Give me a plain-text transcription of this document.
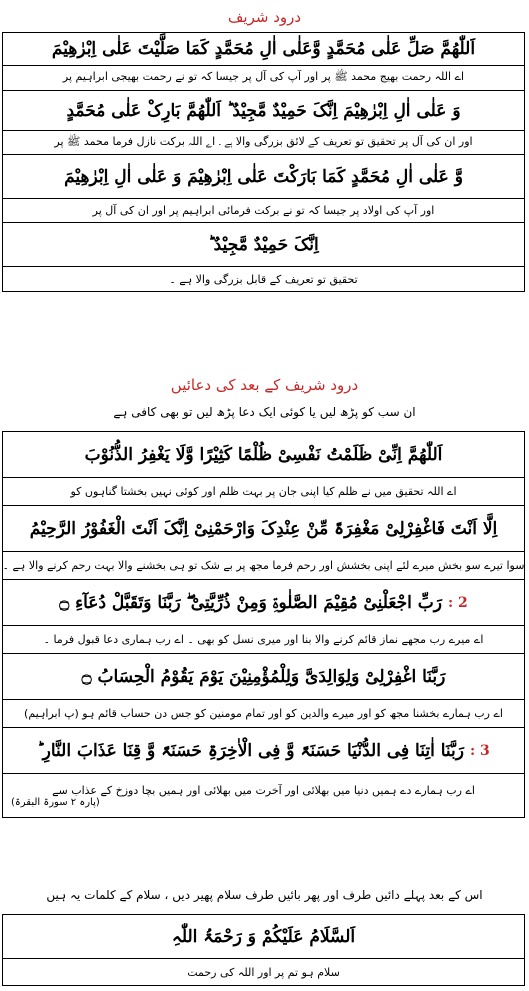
درود شریف
اَللّٰھُمَّ صَلِّ عَلٰی مُحَمَّدٍ وَّعَلٰی اٰلِ مُحَمَّدٍ کَمَا صَلَّیْتَ عَلٰی اِبْرٰھِیْمَ
اے اللہ رحمت بھیج محمد ﷺ پر اور آپ کی آل پر جیسا کہ تو نے رحمت بھیجی ابراہیم پر
وَ عَلٰی اٰلِ اِبْرٰھِیْمَ اِنَّکَ حَمِیْدٌ مَّجِیْدٌ ؕ اَللّٰھُمَّ بَارِکْ عَلٰی مُحَمَّدٍ
اور ان کی آل پر تحقیق تو تعریف کے لائق بزرگی والا ہے ۔ اے اللہ برکت نازل فرما محمد ﷺ پر
وَّ عَلٰی اٰلِ مُحَمَّدٍ کَمَا بَارَکْتَ عَلٰی اِبْرٰھِیْمَ وَ عَلٰی اٰلِ اِبْرٰھِیْمَ
اور آپ کی اولاد پر جیسا کہ تو نے برکت فرمائی ابراہیم پر اور ان کی آل پر
اِنَّکَ حَمِیْدٌ مَّجِیْدٌ ؕ
تحقیق تو تعریف کے قابل بزرگی والا ہے ۔
درود شریف کے بعد کی دعائیں
ان سب کو پڑھ لیں یا کوئی ایک دعا پڑھ لیں تو بھی کافی ہے
اَللّٰھُمَّ اِنِّیْ ظَلَمْتُ نَفْسِیْ ظُلْمًا کَثِیْرًا وَّلَا یَغْفِرُ الذُّنُوْبَ
اے اللہ تحقیق میں نے ظلم کیا اپنی جان پر بہت ظلم اور کوئی نہیں بخشتا گناہوں کو
اِلَّا اَنْتَ فَاغْفِرْلِیْ مَغْفِرَۃً مِّنْ عِنْدِکَ وَارْحَمْنِیْ اِنَّکَ اَنْتَ الْغَفُوْرُ الرَّحِیْمُ
سوا تیرے سو بخش میرے لئے اپنی بخشش اور رحم فرما مجھ پر بے شک تو ہی بخشنے والا بہت رحم کرنے والا ہے ۔
2 :
رَبِّ اجْعَلْنِیْ مُقِیْمَ الصَّلٰوۃِ وَمِنْ ذُرِّیَّتِیْ ۖ رَبَّنَا وَتَقَبَّلْ دُعَآءِ ۝
اے میرے رب مجھے نماز قائم کرنے والا بنا اور میری نسل کو بھی ۔ اے رب ہماری دعا قبول فرما ۔
رَبَّنَا اغْفِرْلِیْ وَلِوَالِدَیَّ وَلِلْمُؤْمِنِیْنَ یَوْمَ یَقُوْمُ الْحِسَابُ ۝
اے رب ہمارے بخشنا مجھ کو اور میرے والدین کو اور تمام مومنین کو جس دن حساب قائم ہو (پ ابراہیم)
3 :
رَبَّنَا اٰتِنَا فِی الدُّنْیَا حَسَنَۃً وَّ فِی الْاٰخِرَۃِ حَسَنَۃً وَّ قِنَا عَذَابَ النَّارِ ؕ
اے رب ہمارے دے ہمیں دنیا میں بھلائی اور آخرت میں بھلائی اور ہمیں بچا دوزخ کے عذاب سے
(پارہ ۲ سورۃ البقرۃ)
اس کے بعد پہلے دائیں طرف اور پھر بائیں طرف سلام پھیر دیں ، سلام کے کلمات یہ ہیں
اَلسَّلَامُ عَلَیْکُمْ وَ رَحْمَۃُ اللّٰہِ
سلام ہو تم پر اور اللہ کی رحمت
